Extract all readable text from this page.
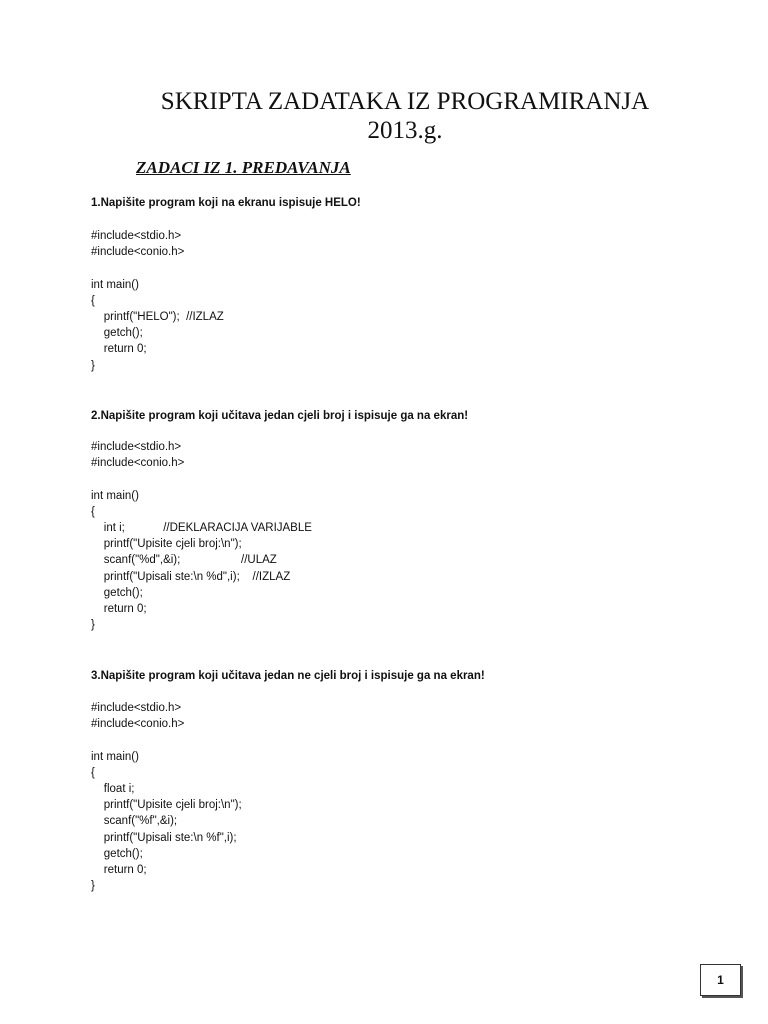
SKRIPTA ZADATAKA IZ PROGRAMIRANJA
2013.g.
ZADACI IZ 1. PREDAVANJA
1.Napišite program koji na ekranu ispisuje HELO!
#include<stdio.h>
#include<conio.h>
int main()
{
printf("HELO");  //IZLAZ
getch();
return 0;
}
2.Napišite program koji učitava jedan cjeli broj i ispisuje ga na ekran!
#include<stdio.h>
#include<conio.h>
int main()
{
int i;            //DEKLARACIJA VARIJABLE
printf("Upisite cjeli broj:\n");
scanf("%d",&i);                   //ULAZ
printf("Upisali ste:\n %d",i);    //IZLAZ
getch();
return 0;
}
3.Napišite program koji učitava jedan ne cjeli broj i ispisuje ga na ekran!
#include<stdio.h>
#include<conio.h>
int main()
{
float i;
printf("Upisite cjeli broj:\n");
scanf("%f",&i);
printf("Upisali ste:\n %f",i);
getch();
return 0;
}
1
